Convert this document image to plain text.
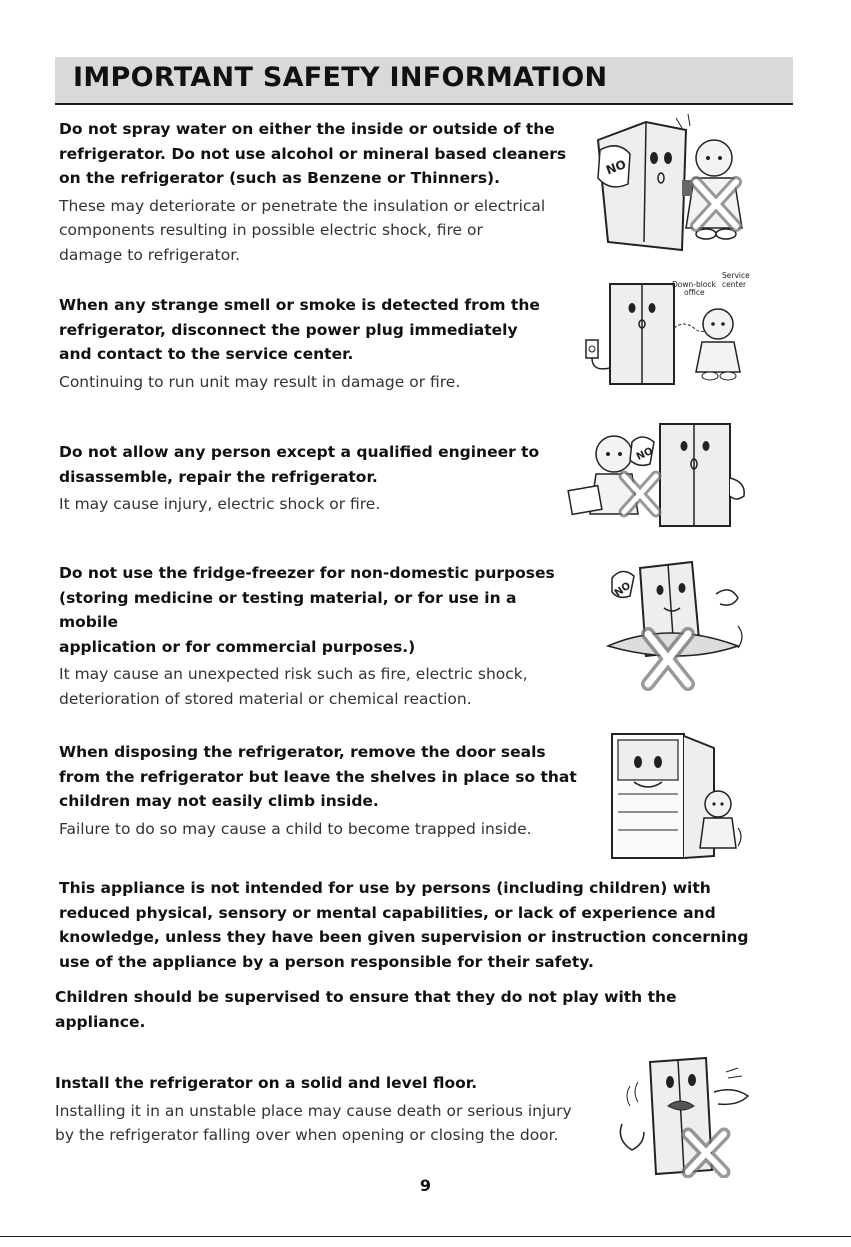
IMPORTANT SAFETY INFORMATION
Do not spray water on either the inside or outside of the
refrigerator. Do not use alcohol or mineral based cleaners
on the refrigerator (such as Benzene or Thinners).
These may deteriorate or penetrate the insulation or electrical
components resulting in possible electric shock, fire or
damage to refrigerator.
NO
When any strange smell or smoke is detected from the
refrigerator, disconnect the power plug immediately
and contact to the service center.
Continuing to run unit may result in damage or fire.
Service
center
Down-block
office
Do not allow any person except a qualified engineer to
disassemble, repair the refrigerator.
It may cause injury, electric shock or fire.
NO
Do not use the fridge-freezer for non-domestic purposes
(storing medicine or testing material, or for use in a mobile
application or for commercial purposes.)
It may cause an unexpected risk such as fire, electric shock,
deterioration of stored material or chemical reaction.
NO
When disposing the refrigerator, remove the door seals
from the refrigerator but leave the shelves in place so that
children may not easily climb inside.
Failure to do so may cause a child to become trapped inside.
This appliance is not intended for use by persons (including children) with
reduced physical, sensory or mental capabilities, or lack of experience and
knowledge, unless they have been given supervision or instruction concerning
use of the appliance by a person responsible for their safety.
Children should be supervised to ensure that they do not play with the
appliance.
Install the refrigerator on a solid and level floor.
Installing it in an unstable place may cause death or serious injury
by the refrigerator falling over when opening or closing the door.
9
